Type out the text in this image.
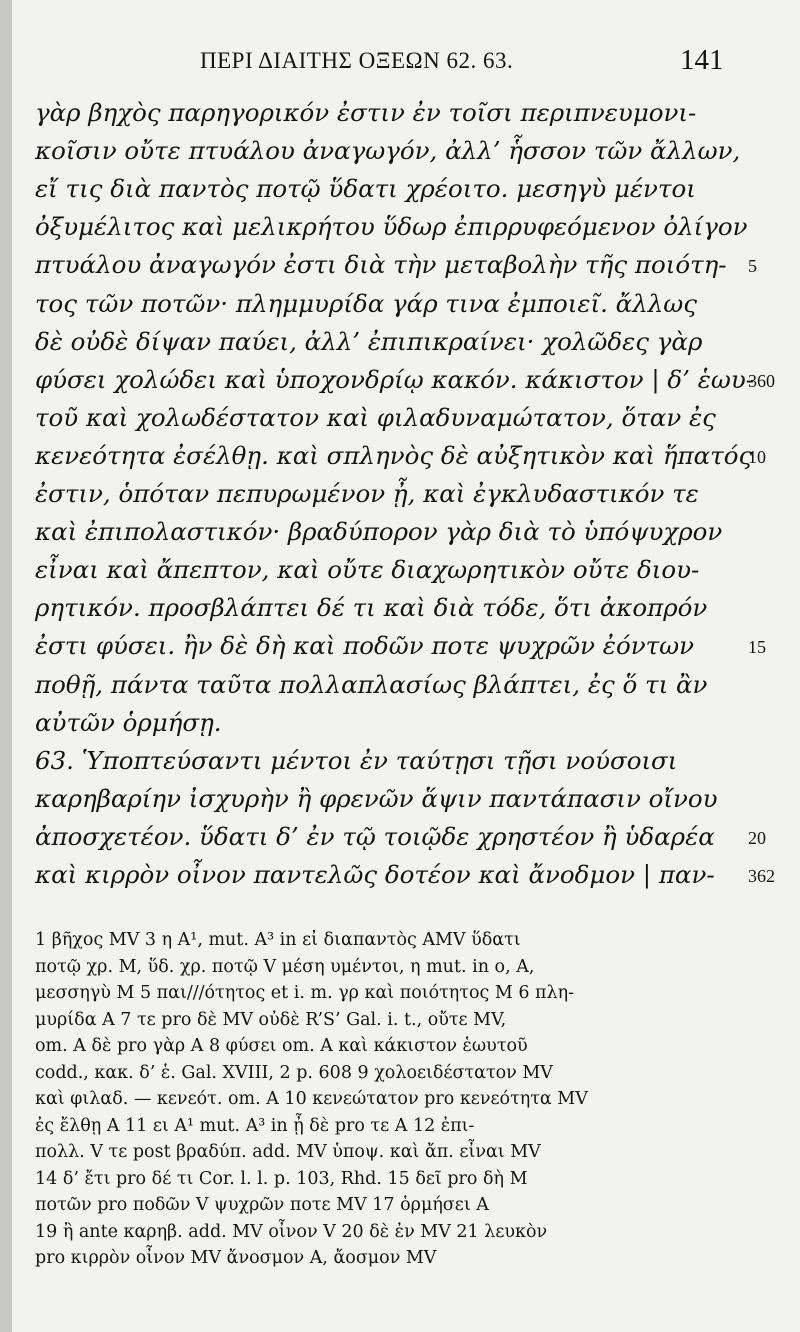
ΠΕΡΙ ΔΙΑΙΤΗΣ ΟΞΕΩΝ 62. 63.	141
γὰρ βηχὸς παρηγορικόν ἐστιν ἐν τοῖσι περιπνευμονι-
κοῖσιν οὔτε πτυάλου ἀναγωγόν, ἀλλ’ ἧσσον τῶν ἄλλων,
εἴ τις διὰ παντὸς ποτῷ ὕδατι χρέοιτο. μεσηγὺ μέντοι
ὀξυμέλιτος καὶ μελικρήτου ὕδωρ ἐπιρρυφεόμενον ὀλίγον
πτυάλου ἀναγωγόν ἐστι διὰ τὴν μεταβολὴν τῆς ποιότη-	5
τος τῶν ποτῶν· πλημμυρίδα γάρ τινα ἐμποιεῖ. ἄλλως
δὲ οὐδὲ δίψαν παύει, ἀλλ’ ἐπιπικραίνει· χολῶδες γὰρ
φύσει χολώδει καὶ ὑποχονδρίῳ κακόν. κάκιστον | δ’ ἑωυ-
360
τοῦ καὶ χολωδέστατον καὶ φιλαδυναμώτατον, ὅταν ἐς
κενεότητα ἐσέλθῃ. καὶ σπληνὸς δὲ αὐξητικὸν καὶ ἥπατός
10
ἐστιν, ὁπόταν πεπυρωμένον ᾖ, καὶ ἐγκλυδαστικόν τε
καὶ ἐπιπολαστικόν· βραδύπορον γὰρ διὰ τὸ ὑπόψυχρον
εἶναι καὶ ἄπεπτον, καὶ οὔτε διαχωρητικὸν οὔτε διου-
ρητικόν. προσβλάπτει δέ τι καὶ διὰ τόδε, ὅτι ἀκοπρόν
ἐστι φύσει. ἢν δὲ δὴ καὶ ποδῶν ποτε ψυχρῶν ἐόντων	15
ποθῇ, πάντα ταῦτα πολλαπλασίως βλάπτει, ἐς ὅ τι ἂν
αὐτῶν ὁρμήσῃ.
63. Ὑποπτεύσαντι μέντοι ἐν ταύτῃσι τῇσι νούσοισι
καρηβαρίην ἰσχυρὴν ἢ φρενῶν ἅψιν παντάπασιν οἴνου
ἀποσχετέον. ὕδατι δ’ ἐν τῷ τοιῷδε χρηστέον ἢ ὑδαρέα	20
καὶ κιρρὸν οἶνον παντελῶς δοτέον καὶ ἄνοδμον | παν-	362
1 βῆχος MV 3 η A¹, mut. A³ in εἰ διαπαντὸς AMV ὕδατι
ποτῷ χρ. M, ὕδ. χρ. ποτῷ V μέση υμέντοι, η mut. in o, A,
μεσσηγὺ M 5 παι///ότητος et i. m. γρ καὶ ποιότητος M 6 πλη-
μυρίδα A 7 τε pro δὲ MV οὐδὲ R’S’ Gal. i. t., οὔτε MV,
om. A δὲ pro γὰρ A 8 φύσει om. A καὶ κάκιστον ἑωυτοῦ
codd., κακ. δ’ ἑ. Gal. XVIII, 2 p. 608 9 χολοειδέστατον MV
καὶ φιλαδ. — κενεότ. om. A 10 κενεώτατον pro κενεότητα MV
ἐς ἔλθῃ A 11 ει A¹ mut. A³ in ᾖ δὲ pro τε A 12 ἐπι-
πολλ. V τε post βραδύπ. add. MV ὑποψ. καὶ ἄπ. εἶναι MV
14 δ’ ἔτι pro δέ τι Cor. l. l. p. 103, Rhd. 15 δεῖ pro δὴ M
ποτῶν pro ποδῶν V ψυχρῶν ποτε MV 17 ὁρμήσει A
19 ἢ ante καρηβ. add. MV οἶνον V 20 δὲ ἐν MV 21 λευκὸν
pro κιρρὸν οἶνον MV ἄνοσμον A, ἄοσμον MV
